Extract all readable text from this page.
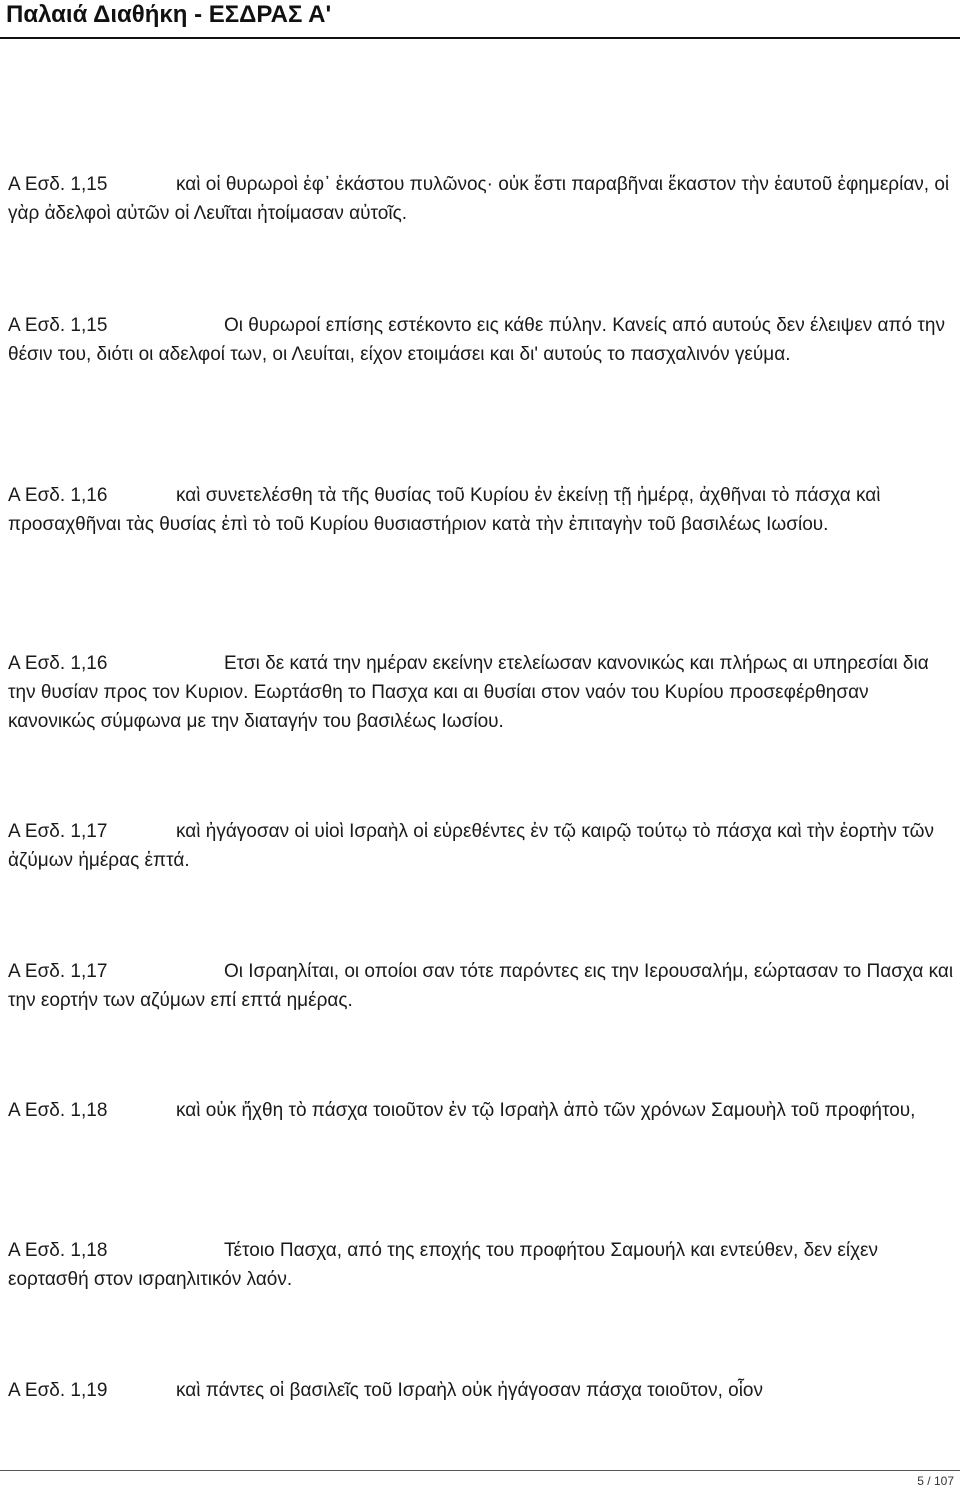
Παλαιά Διαθήκη - ΕΣΔΡΑΣ Α'

Α Εσδ. 1,15	καὶ οἱ θυρωροὶ ἐφ᾿ ἑκάστου πυλῶνος· οὐκ ἔστι παραβῆναι ἕκαστον τὴν ἑαυτοῦ ἐφημερίαν, οἱ γὰρ ἀδελφοὶ αὐτῶν οἱ Λευῖται ἡτοίμασαν αὐτοῖς.

Α Εσδ. 1,15	Οι θυρωροί επίσης εστέκοντο εις κάθε πύλην. Κανείς από αυτούς δεν έλειψεν από την θέσιν του, διότι οι αδελφοί των, οι Λευίται, είχον ετοιμάσει και δι' αυτούς το πασχαλινόν γεύμα.

Α Εσδ. 1,16	καὶ συνετελέσθη τὰ τῆς θυσίας τοῦ Κυρίου ἐν ἐκείνῃ τῇ ἡμέρᾳ, ἀχθῆναι τὸ πάσχα καὶ προσαχθῆναι τὰς θυσίας ἐπὶ τὸ τοῦ Κυρίου θυσιαστήριον κατὰ τὴν ἐπιταγὴν τοῦ βασιλέως Ιωσίου.

Α Εσδ. 1,16	Ετσι δε κατά την ημέραν εκείνην ετελείωσαν κανονικώς και πλήρως αι υπηρεσίαι δια την θυσίαν προς τον Κυριον. Εωρτάσθη το Πασχα και αι θυσίαι στον ναόν του Κυρίου προσεφέρθησαν κανονικώς σύμφωνα με την διαταγήν του βασιλέως Ιωσίου.

Α Εσδ. 1,17	καὶ ἠγάγοσαν οἱ υἱοὶ Ισραὴλ οἱ εὑρεθέντες ἐν τῷ καιρῷ τούτῳ τὸ πάσχα καὶ τὴν ἑορτὴν τῶν ἀζύμων ἡμέρας ἑπτά.

Α Εσδ. 1,17	Οι Ισραηλίται, οι οποίοι σαν τότε παρόντες εις την Ιερουσαλήμ, εώρτασαν το Πασχα και την εορτήν των αζύμων επί επτά ημέρας.

Α Εσδ. 1,18	καὶ οὐκ ἤχθη τὸ πάσχα τοιοῦτον ἐν τῷ Ισραὴλ ἀπὸ τῶν χρόνων Σαμουὴλ τοῦ προφήτου,

Α Εσδ. 1,18	Τέτοιο Πασχα, από της εποχής του προφήτου Σαμουήλ και εντεύθεν, δεν είχεν εορτασθή στον ισραηλιτικόν λαόν.

Α Εσδ. 1,19	καὶ πάντες οἱ βασιλεῖς τοῦ Ισραὴλ οὐκ ἠγάγοσαν πάσχα τοιοῦτον, οἷον

5 / 107
